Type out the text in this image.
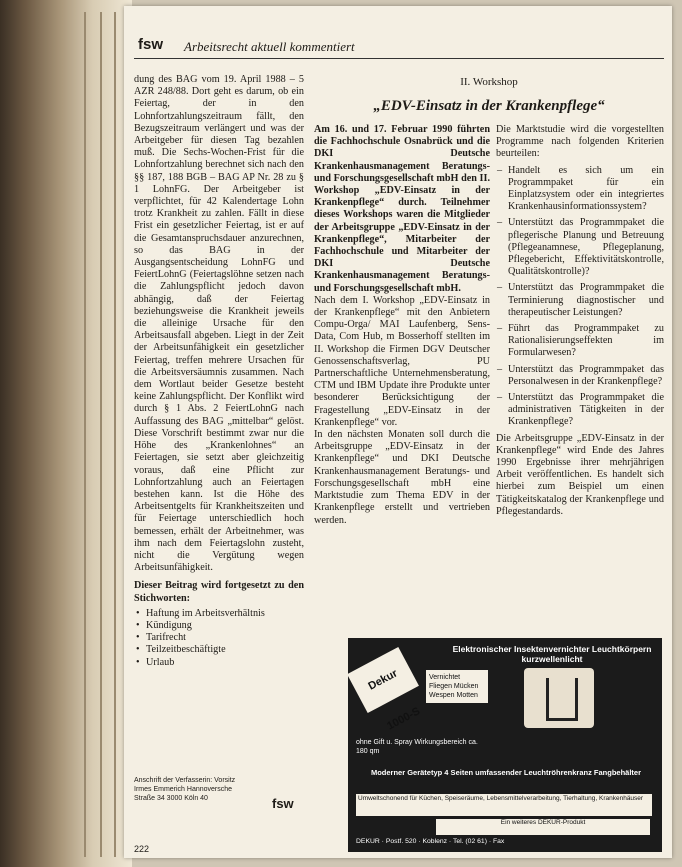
fsw Arbeitsrecht aktuell kommentiert

dung des BAG vom 19. April 1988 – 5 AZR 248/88. Dort geht es darum, ob ein Feiertag, der in den Lohnfortzahlungszeitraum fällt, den Bezugszeitraum verlängert und was der Arbeitgeber für diesen Tag bezahlen muß. Die Sechs-Wochen-Frist für die Lohnfortzahlung berechnet sich nach den §§ 187, 188 BGB – BAG AP Nr. 28 zu § 1 LohnFG. Der Arbeitgeber ist verpflichtet, für 42 Kalendertage Lohn trotz Krankheit zu zahlen. Fällt in diese Frist ein gesetzlicher Feiertag, ist er auf die Gesamtanspruchsdauer anzurechnen, so das BAG in der Ausgangsentscheidung LohnFG und FeiertLohnG (Feiertagslöhne setzen nach die Zahlungspflicht jedoch davon abhängig, daß der Feiertag beziehungsweise die Krankheit jeweils die alleinige Ursache für den Arbeitsausfall abgeben. Liegt in der Zeit der Arbeitsunfähigkeit ein gesetzlicher Feiertag, treffen mehrere Ursachen für die Arbeitsversäumnis zusammen. Nach dem Wortlaut beider Gesetze besteht keine Zahlungspflicht. Der Konflikt wird durch § 1 Abs. 2 FeiertLohnG nach Auffassung des BAG „mittelbar“ gelöst. Diese Vorschrift bestimmt zwar nur die Höhe des „Krankenlohnes“ an Feiertagen, sie setzt aber gleichzeitig voraus, daß eine Pflicht zur Lohnfortzahlung auch an Feiertagen bestehen kann. Ist die Höhe des Arbeitsentgelts für Krankheitszeiten und für Feiertage unterschiedlich hoch bemessen, erhält der Arbeitnehmer, was ihm nach dem Feiertagslohn zusteht, nicht die Vergütung wegen Arbeitsunfähigkeit.

Dieser Beitrag wird fortgesetzt zu den Stichworten:

• Haftung im Arbeitsverhältnis
• Kündigung
• Tarifrecht
• Teilzeitbeschäftigte
• Urlaub
II. Workshop
„EDV-Einsatz in der Krankenpflege“

Am 16. und 17. Februar 1990 führten die Fachhochschule Osnabrück und die DKI Deutsche Krankenhausmanagement Beratungs- und Forschungsgesellschaft mbH den II. Workshop „EDV-Einsatz in der Krankenpflege“ durch. Teilnehmer dieses Workshops waren die Mitglieder der Arbeitsgruppe „EDV-Einsatz in der Krankenpflege“, Mitarbeiter der Fachhochschule und Mitarbeiter der DKI Deutsche Krankenhausmanagement Beratungs- und Forschungsgesellschaft mbH.

Nach dem I. Workshop „EDV-Einsatz in der Krankenpflege“ mit den Anbietern Compu-Orga/ MAI Laufenberg, Sens-Data, Com Hub, m Bosserhoff stellten im II. Workshop die Firmen DGV Deutscher Genossenschaftsverlag, PU Partnerschaftliche Unternehmensberatung, CTM und IBM Update ihre Produkte unter besonderer Berücksichtigung der Fragestellung „EDV-Einsatz in der Krankenpflege“ vor.

In den nächsten Monaten soll durch die Arbeitsgruppe „EDV-Einsatz in der Krankenpflege“ und DKI Deutsche Krankenhausmanagement Beratungs- und Forschungsgesellschaft mbH eine Marktstudie zum Thema EDV in der Krankenpflege erstellt und vertrieben werden.

Die Marktstudie wird die vorgestellten Programme nach folgenden Kriterien beurteilen:

– Handelt es sich um ein Programmpaket für ein Einplatzsystem oder ein integriertes Krankenhausinformationssystem?
– Unterstützt das Programmpaket die pflegerische Planung und Betreuung (Pflegeanamnese, Pflegeplanung, Pflegebericht, Effektivitätskontrolle, Qualitätskontrolle)?
– Unterstützt das Programmpaket die Terminierung diagnostischer und therapeutischer Leistungen?
– Führt das Programmpaket zu Rationalisierungseffekten im Formularwesen?
– Unterstützt das Programmpaket das Personalwesen in der Krankenpflege?
– Unterstützt das Programmpaket die administrativen Tätigkeiten in der Krankenpflege?

Die Arbeitsgruppe „EDV-Einsatz in der Krankenpflege“ wird Ende des Jahres 1990 Ergebnisse ihrer mehrjährigen Arbeit veröffentlichen. Es handelt sich hierbei zum Beispiel um einen Tätigkeitskatalog der Krankenpflege und Pflegestandards.

Elektronischer Insektenvernichter Leuchtkörpern kurzwellenlicht
Dekur 1000-S
Vernichtet Fliegen Mücken Wespen Motten
ohne Gift u. Spray Wirkungsbereich ca. 180 qm
Moderner Gerätetyp 4 Seiten umfassender Leuchtröhrenkranz Fangbehälter
Umweltschonend für Küchen, Speiseräume, Lebensmittelverarbeitung, Tierhaltung, Krankenhäuser
Ein weiteres DEKUR-Produkt
DEKUR · Postf. 520 · Koblenz · Tel. (02 61) · Fax
Anschrift der Verfasserin: Vorsitz Irmes Emmerich Hannoversche Straße 34 3000 Köln 40	fsw
222
